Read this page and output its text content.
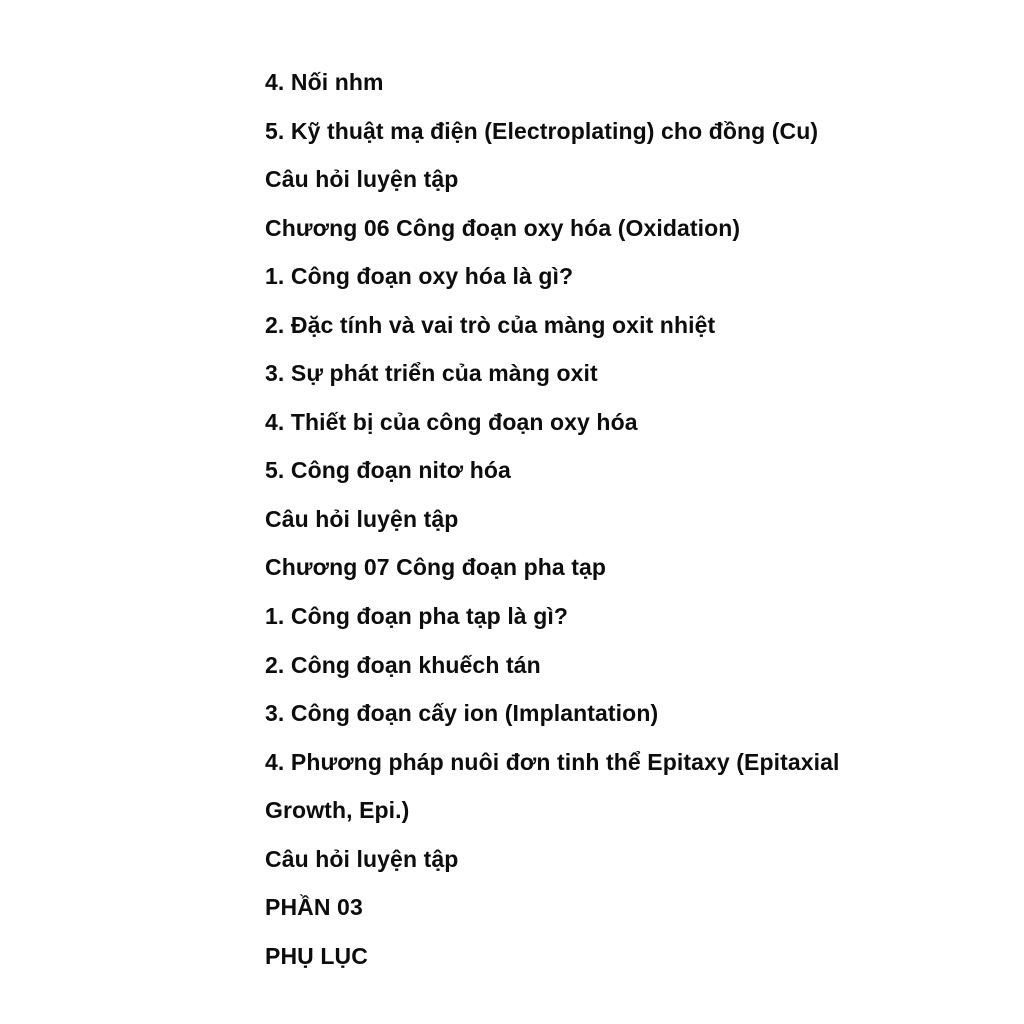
4. Nối nhm

5. Kỹ thuật mạ điện (Electroplating) cho đồng (Cu)

Câu hỏi luyện tập

Chương 06 Công đoạn oxy hóa (Oxidation)

1. Công đoạn oxy hóa là gì?

2. Đặc tính và vai trò của màng oxit nhiệt

3. Sự phát triển của màng oxit

4. Thiết bị của công đoạn oxy hóa

5. Công đoạn nitơ hóa

Câu hỏi luyện tập

Chương 07 Công đoạn pha tạp

1. Công đoạn pha tạp là gì?

2. Công đoạn khuếch tán

3. Công đoạn cấy ion (Implantation)

4. Phương pháp nuôi đơn tinh thể Epitaxy (Epitaxial

Growth, Epi.)

Câu hỏi luyện tập

PHẦN 03

PHỤ LỤC
